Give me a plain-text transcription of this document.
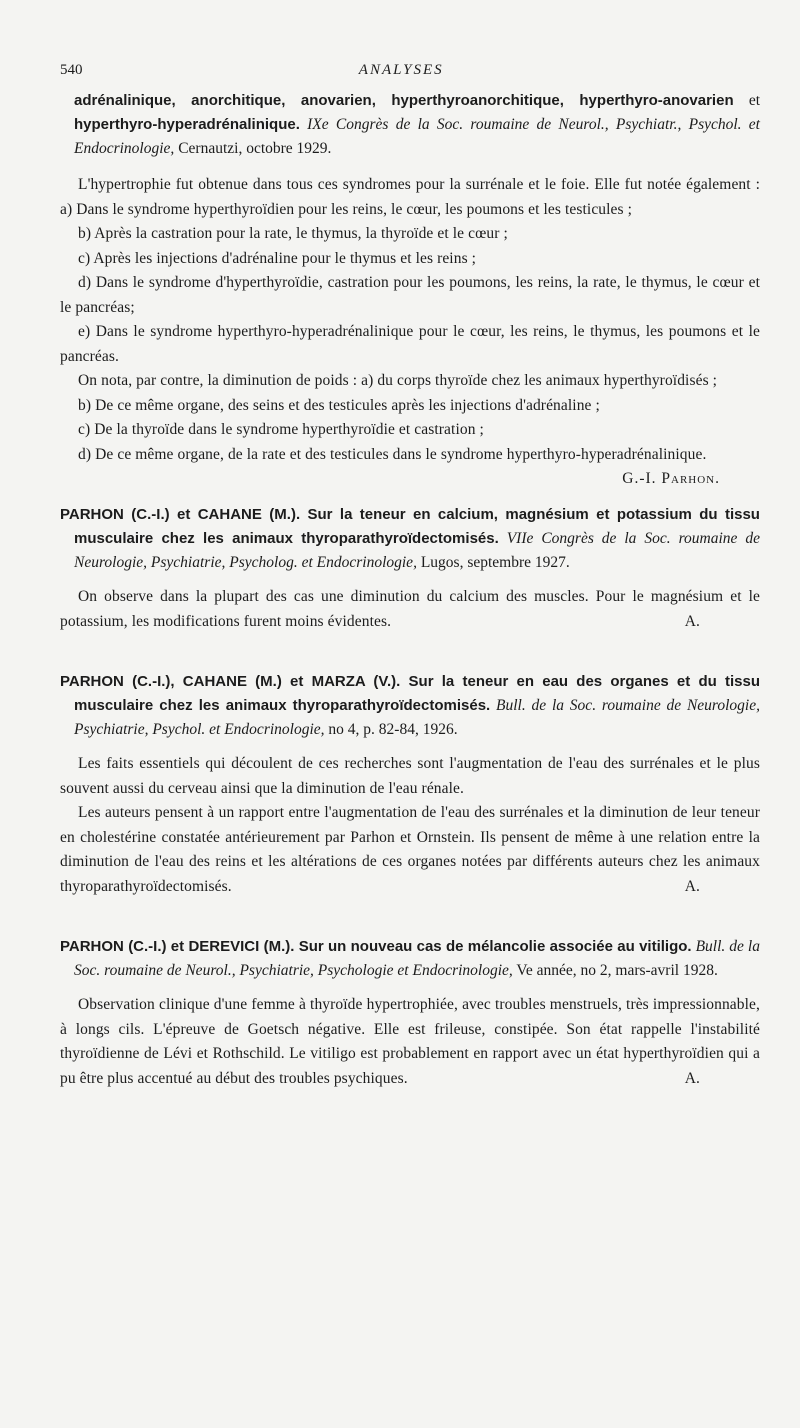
540	ANALYSES

adrénalinique, anorchitique, anovarien, hyperthyroanorchitique, hyperthyro-anovarien et hyperthyro-hyperadrénalinique. IXe Congrès de la Soc. roumaine de Neurol., Psychiatr., Psychol. et Endocrinologie, Cernautzi, octobre 1929.

L'hypertrophie fut obtenue dans tous ces syndromes pour la surrénale et le foie. Elle fut notée également : a) Dans le syndrome hyperthyroïdien pour les reins, le cœur, les poumons et les testicules ;

b) Après la castration pour la rate, le thymus, la thyroïde et le cœur ;

c) Après les injections d'adrénaline pour le thymus et les reins ;

d) Dans le syndrome d'hyperthyroïdie, castration pour les poumons, les reins, la rate, le thymus, le cœur et le pancréas;

e) Dans le syndrome hyperthyro-hyperadrénalinique pour le cœur, les reins, le thymus, les poumons et le pancréas.

On nota, par contre, la diminution de poids : a) du corps thyroïde chez les animaux hyperthyroïdisés ;

b) De ce même organe, des seins et des testicules après les injections d'adrénaline ;

c) De la thyroïde dans le syndrome hyperthyroïdie et castration ;

d) De ce même organe, de la rate et des testicules dans le syndrome hyperthyro-hyperadrénalinique.
G.-I. Parhon.

PARHON (C.-I.) et CAHANE (M.). Sur la teneur en calcium, magnésium et potassium du tissu musculaire chez les animaux thyroparathyroïdectomisés. VIIe Congrès de la Soc. roumaine de Neurologie, Psychiatrie, Psycholog. et Endocrinologie, Lugos, septembre 1927.

On observe dans la plupart des cas une diminution du calcium des muscles. Pour le magnésium et le potassium, les modifications furent moins évidentes.	A.

PARHON (C.-I.), CAHANE (M.) et MARZA (V.). Sur la teneur en eau des organes et du tissu musculaire chez les animaux thyroparathyroïdectomisés. Bull. de la Soc. roumaine de Neurologie, Psychiatrie, Psychol. et Endocrinologie, no 4, p. 82-84, 1926.

Les faits essentiels qui découlent de ces recherches sont l'augmentation de l'eau des surrénales et le plus souvent aussi du cerveau ainsi que la diminution de l'eau rénale.

Les auteurs pensent à un rapport entre l'augmentation de l'eau des surrénales et la diminution de leur teneur en cholestérine constatée antérieurement par Parhon et Ornstein. Ils pensent de même à une relation entre la diminution de l'eau des reins et les altérations de ces organes notées par différents auteurs chez les animaux thyroparathyroïdectomisés.	A.

PARHON (C.-I.) et DEREVICI (M.). Sur un nouveau cas de mélancolie associée au vitiligo. Bull. de la Soc. roumaine de Neurol., Psychiatrie, Psychologie et Endocrinologie, Ve année, no 2, mars-avril 1928.

Observation clinique d'une femme à thyroïde hypertrophiée, avec troubles menstruels, très impressionnable, à longs cils. L'épreuve de Goetsch négative. Elle est frileuse, constipée. Son état rappelle l'instabilité thyroïdienne de Lévi et Rothschild. Le vitiligo est probablement en rapport avec un état hyperthyroïdien qui a pu être plus accentué au début des troubles psychiques.	A.
